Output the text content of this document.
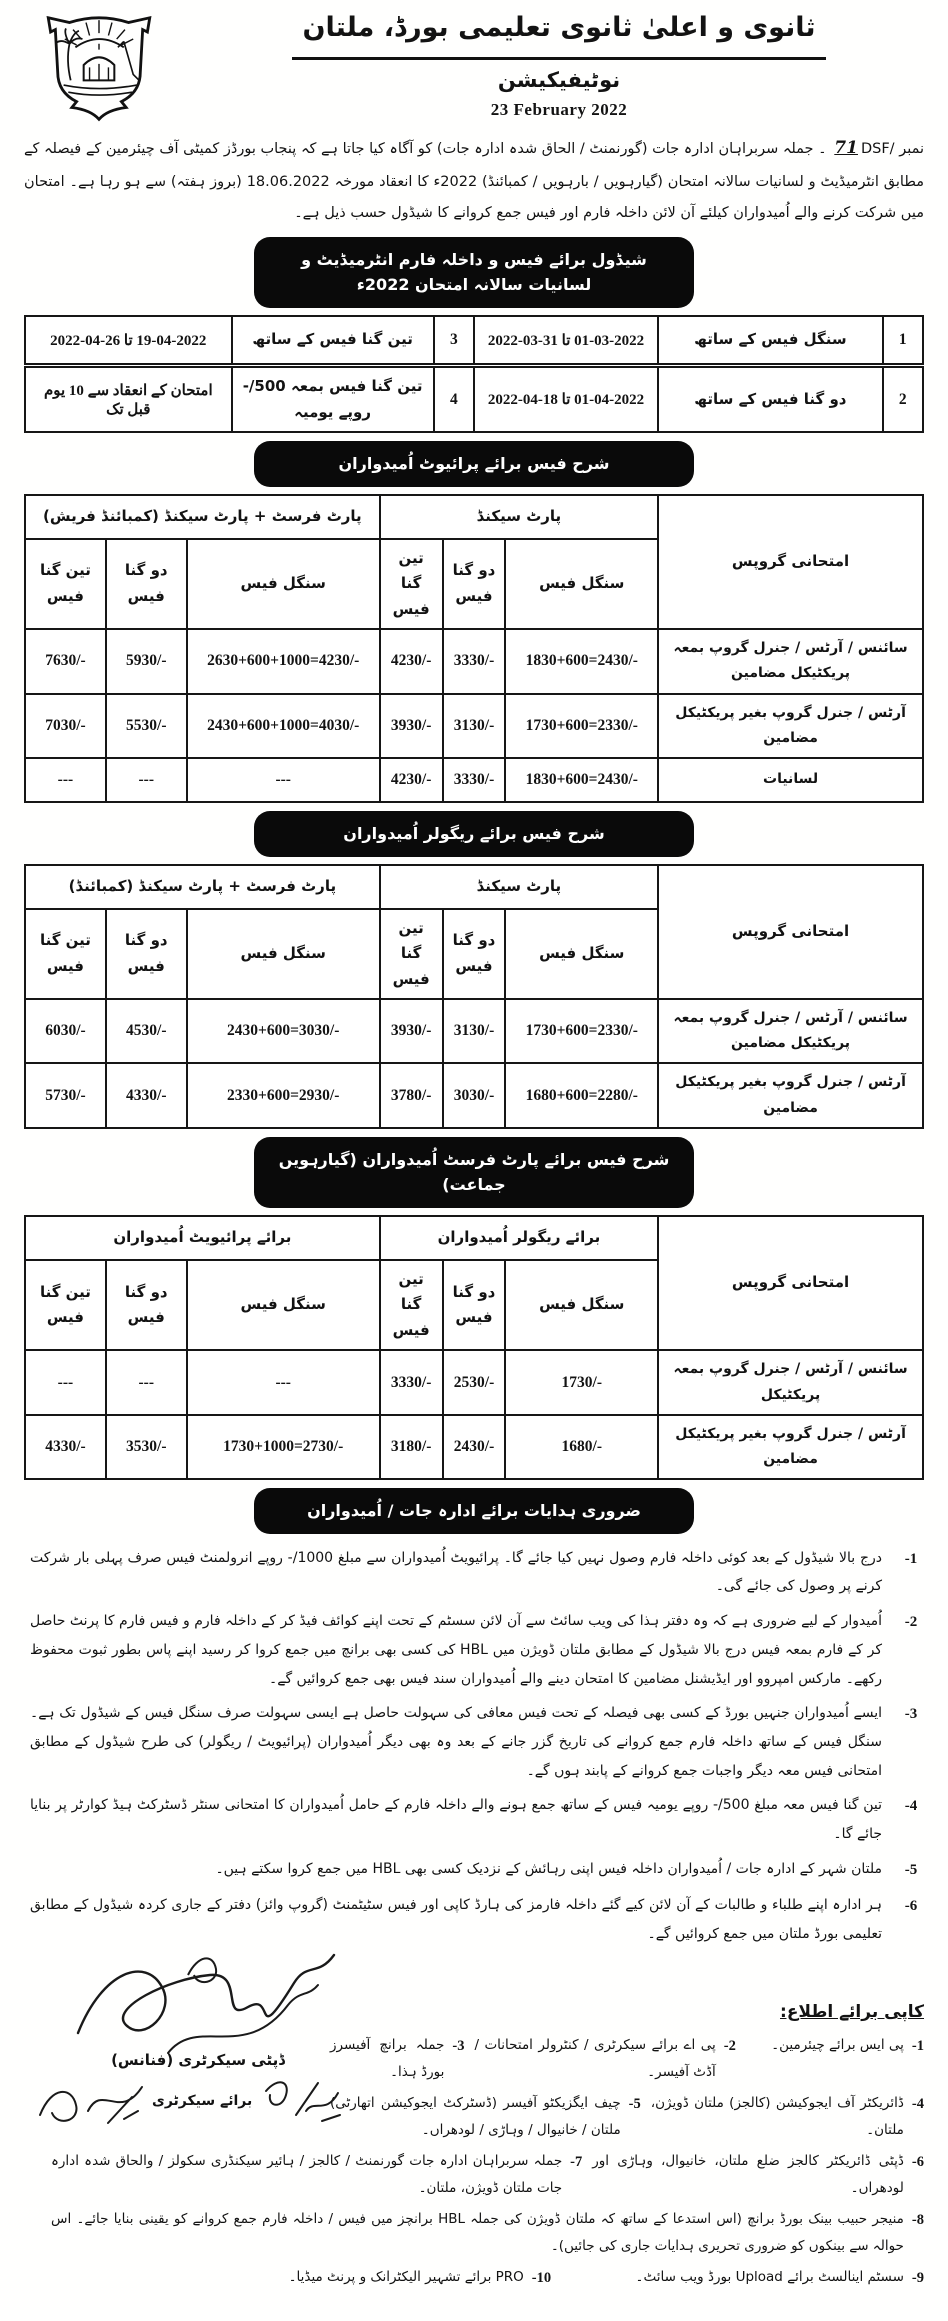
ثانوی و اعلیٰ ثانوی تعلیمی بورڈ، ملتان
نوٹیفیکیشن
23 February 2022

نمبر DSF/71 ۔ جملہ سربراہان ادارہ جات (گورنمنٹ / الحاق شدہ ادارہ جات) کو آگاہ کیا جاتا ہے کہ پنجاب بورڈز کمیٹی آف چیئرمین کے فیصلہ کے مطابق انٹرمیڈیٹ و لسانیات سالانہ امتحان (گیارہویں / بارہویں / کمبائنڈ) 2022ء کا انعقاد مورخہ 18.06.2022 (بروز ہفتہ) سے ہو رہا ہے۔ امتحان میں شرکت کرنے والے اُمیدواران کیلئے آن لائن داخلہ فارم اور فیس جمع کروانے کا شیڈول حسب ذیل ہے۔

شیڈول برائے فیس و داخلہ فارم انٹرمیڈیٹ و لسانیات سالانہ امتحان 2022ء
1	سنگل فیس کے ساتھ	01-03-2022 تا 31-03-2022	3	تین گنا فیس کے ساتھ	19-04-2022 تا 26-04-2022
2	دو گنا فیس کے ساتھ	01-04-2022 تا 18-04-2022	4	تین گنا فیس بمعہ 500/- روپے یومیہ	امتحان کے انعقاد سے 10 یوم قبل تک
شرح فیس برائے پرائیوٹ اُمیدواران
امتحانی گروپس	پارٹ سیکنڈ			پارٹ فرسٹ + پارٹ سیکنڈ (کمبائنڈ فریش)		
	سنگل فیس	دو گنا فیس	تین گنا فیس	سنگل فیس	دو گنا فیس	تین گنا فیس
سائنس / آرٹس / جنرل گروپ بمعہ پریکٹیکل مضامین	1830+600=2430/-	3330/-	4230/-	2630+600+1000=4230/-	5930/-	7630/-
آرٹس / جنرل گروپ بغیر پریکٹیکل مضامین	1730+600=2330/-	3130/-	3930/-	2430+600+1000=4030/-	5530/-	7030/-
لسانیات	1830+600=2430/-	3330/-	4230/-	---	---	---
شرح فیس برائے ریگولر اُمیدواران
امتحانی گروپس	پارٹ سیکنڈ			پارٹ فرسٹ + پارٹ سیکنڈ (کمبائنڈ)		
	سنگل فیس	دو گنا فیس	تین گنا فیس	سنگل فیس	دو گنا فیس	تین گنا فیس
سائنس / آرٹس / جنرل گروپ بمعہ پریکٹیکل مضامین	1730+600=2330/-	3130/-	3930/-	2430+600=3030/-	4530/-	6030/-
آرٹس / جنرل گروپ بغیر پریکٹیکل مضامین	1680+600=2280/-	3030/-	3780/-	2330+600=2930/-	4330/-	5730/-
شرح فیس برائے پارٹ فرسٹ اُمیدواران (گیارہویں جماعت)
امتحانی گروپس	برائے ریگولر اُمیدواران			برائے پرائیویٹ اُمیدواران		
	سنگل فیس	دو گنا فیس	تین گنا فیس	سنگل فیس	دو گنا فیس	تین گنا فیس
سائنس / آرٹس / جنرل گروپ بمعہ پریکٹیکل	1730/-	2530/-	3330/-	---	---	---
آرٹس / جنرل گروپ بغیر پریکٹیکل مضامین	1680/-	2430/-	3180/-	1730+1000=2730/-	3530/-	4330/-
ضروری ہدایات برائے ادارہ جات / اُمیدواران
1-
درج بالا شیڈول کے بعد کوئی داخلہ فارم وصول نہیں کیا جائے گا۔ پرائیویٹ اُمیدواران سے مبلغ 1000/- روپے انرولمنٹ فیس صرف پہلی بار شرکت کرنے پر وصول کی جائے گی۔
2-
اُمیدوار کے لیے ضروری ہے کہ وہ دفتر ہذا کی ویب سائٹ سے آن لائن سسٹم کے تحت اپنے کوائف فیڈ کر کے داخلہ فارم و فیس فارم کا پرنٹ حاصل کر کے فارم بمعہ فیس درج بالا شیڈول کے مطابق ملتان ڈویژن میں HBL کی کسی بھی برانچ میں جمع کروا کر رسید اپنے پاس بطور ثبوت محفوظ رکھے۔ مارکس امپروو اور ایڈیشنل مضامین کا امتحان دینے والے اُمیدواران سند فیس بھی جمع کروائیں گے۔
3-
ایسے اُمیدواران جنہیں بورڈ کے کسی بھی فیصلہ کے تحت فیس معافی کی سہولت حاصل ہے ایسی سہولت صرف سنگل فیس کے شیڈول تک ہے۔ سنگل فیس کے ساتھ داخلہ فارم جمع کروانے کی تاریخ گزر جانے کے بعد وہ بھی دیگر اُمیدواران (پرائیویٹ / ریگولر) کی طرح شیڈول کے مطابق امتحانی فیس معہ دیگر واجبات جمع کروانے کے پابند ہوں گے۔
4-
تین گنا فیس معہ مبلغ 500/- روپے یومیہ فیس کے ساتھ جمع ہونے والے داخلہ فارم کے حامل اُمیدواران کا امتحانی سنٹر ڈسٹرکٹ ہیڈ کوارٹر پر بنایا جائے گا۔
5-
ملتان شہر کے ادارہ جات / اُمیدواران داخلہ فیس اپنی رہائش کے نزدیک کسی بھی HBL میں جمع کروا سکتے ہیں۔
6-
ہر ادارہ اپنے طلباء و طالبات کے آن لائن کیے گئے داخلہ فارمز کی ہارڈ کاپی اور فیس سٹیٹمنٹ (گروپ وائز) دفتر کے جاری کردہ شیڈول کے مطابق تعلیمی بورڈ ملتان میں جمع کروائیں گے۔
ڈپٹی سیکرٹری (فنانس)
برائے سیکرٹری
کاپی برائے اطلاع:
1-
پی ایس برائے چیئرمین۔
2-
پی اے برائے سیکرٹری / کنٹرولر امتحانات / آڈٹ آفیسر۔
3-
جملہ برانچ آفیسرز بورڈ ہذا۔
4-
ڈائریکٹر آف ایجوکیشن (کالجز) ملتان ڈویژن، ملتان۔
5-
چیف ایگزیکٹو آفیسر (ڈسٹرکٹ ایجوکیشن اتھارٹی) ملتان / خانیوال / وہاڑی / لودھراں۔
6-
ڈپٹی ڈائریکٹر کالجز ضلع ملتان، خانیوال، وہاڑی اور لودھراں۔
7-
جملہ سربراہان ادارہ جات گورنمنٹ / کالجز / ہائیر سیکنڈری سکولز / والحاق شدہ ادارہ جات ملتان ڈویژن، ملتان۔
8-
منیجر حبیب بینک بورڈ برانچ (اس استدعا کے ساتھ کہ ملتان ڈویژن کی جملہ HBL برانچز میں فیس / داخلہ فارم جمع کروانے کو یقینی بنایا جائے۔ اس حوالہ سے بینکوں کو ضروری تحریری ہدایات جاری کی جائیں)۔
9-
سسٹم اینالسٹ برائے Upload بورڈ ویب سائٹ۔
10-
PRO برائے تشہیر الیکٹرانک و پرنٹ میڈیا۔
